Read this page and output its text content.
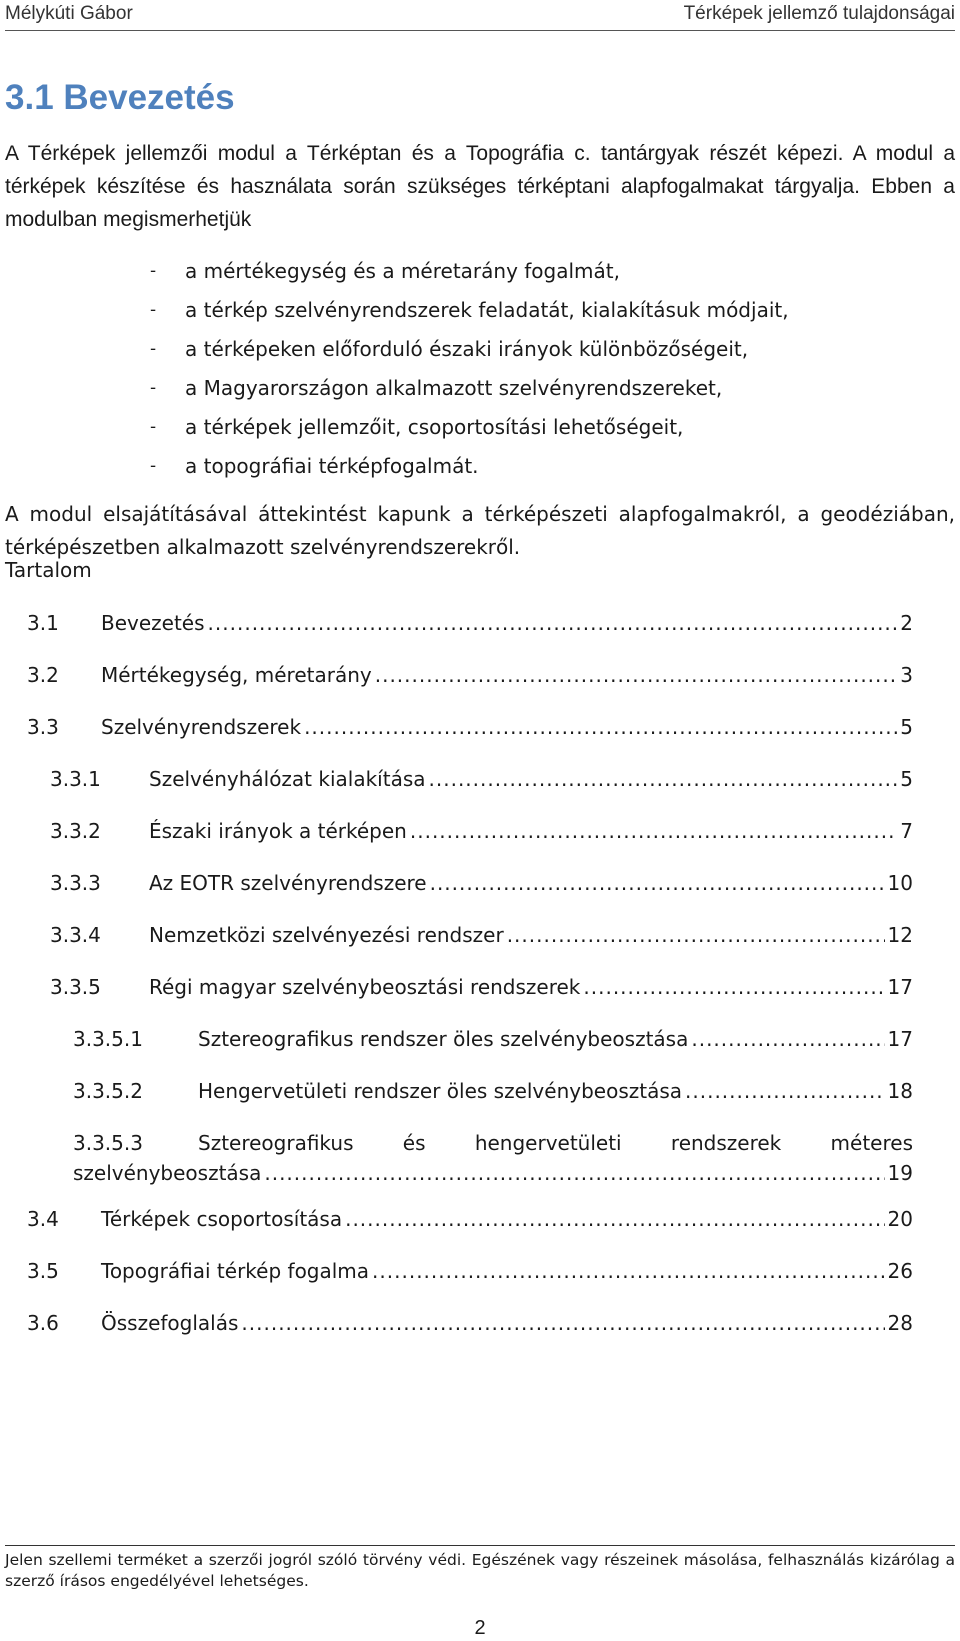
Mélykúti Gábor	Térképek jellemző tulajdonságai
3.1 Bevezetés

A Térképek jellemzői modul a Térképtan és a Topográfia c. tantárgyak részét képezi. A modul a térképek készítése és használata során szükséges térképtani alapfogalmakat tárgyalja. Ebben a modulban megismerhetjük

-	a mértékegység és a méretarány fogalmát,
-	a térkép szelvényrendszerek feladatát, kialakításuk módjait,
-	a térképeken előforduló északi irányok különbözőségeit,
-	a Magyarországon alkalmazott szelvényrendszereket,
-	a térképek jellemzőit, csoportosítási lehetőségeit,
-	a topográfiai térképfogalmát.

A modul elsajátításával áttekintést kapunk a térképészeti alapfogalmakról, a geodéziában, térképészetben alkalmazott szelvényrendszerekről.

Tartalom
3.1 Bevezetés .....	2
3.2 Mértékegység, méretarány .....	3
3.3 Szelvényrendszerek .....	5
3.3.1 Szelvényhálózat kialakítása .....	5
3.3.2 Északi irányok a térképen .....	7
3.3.3 Az EOTR szelvényrendszere .....	10
3.3.4 Nemzetközi szelvényezési rendszer .....	12
3.3.5 Régi magyar szelvénybeosztási rendszerek .....	17
3.3.5.1	Sztereografikus rendszer öles szelvénybeosztása .....	17
3.3.5.2	Hengervetületi rendszer öles szelvénybeosztása .....	18
3.3.5.3	Sztereografikus és hengervetületi rendszerek méteres
szelvénybeosztása .....	19
3.4 Térképek csoportosítása .....	20
3.5 Topográfiai térkép fogalma .....	26
3.6 Összefoglalás .....	28

Jelen szellemi terméket a szerzői jogról szóló törvény védi. Egészének vagy részeinek másolása, felhasználás kizárólag a szerző írásos engedélyével lehetséges.

2
